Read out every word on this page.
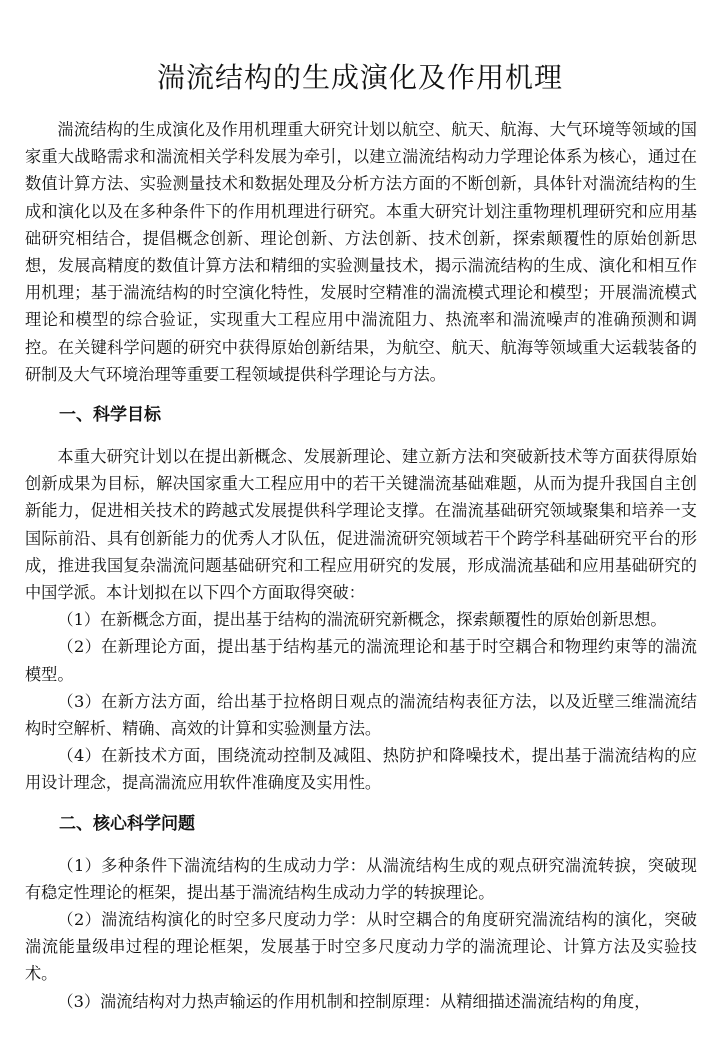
湍流结构的生成演化及作用机理

湍流结构的生成演化及作用机理重大研究计划以航空、航天、航海、大气环境等领域的国家重大战略需求和湍流相关学科发展为牵引，以建立湍流结构动力学理论体系为核心，通过在数值计算方法、实验测量技术和数据处理及分析方法方面的不断创新，具体针对湍流结构的生成和演化以及在多种条件下的作用机理进行研究。本重大研究计划注重物理机理研究和应用基础研究相结合，提倡概念创新、理论创新、方法创新、技术创新，探索颠覆性的原始创新思想，发展高精度的数值计算方法和精细的实验测量技术，揭示湍流结构的生成、演化和相互作用机理；基于湍流结构的时空演化特性，发展时空精准的湍流模式理论和模型；开展湍流模式理论和模型的综合验证，实现重大工程应用中湍流阻力、热流率和湍流噪声的准确预测和调控。在关键科学问题的研究中获得原始创新结果，为航空、航天、航海等领域重大运载装备的研制及大气环境治理等重要工程领域提供科学理论与方法。

一、科学目标

本重大研究计划以在提出新概念、发展新理论、建立新方法和突破新技术等方面获得原始创新成果为目标，解决国家重大工程应用中的若干关键湍流基础难题，从而为提升我国自主创新能力，促进相关技术的跨越式发展提供科学理论支撑。在湍流基础研究领域聚集和培养一支国际前沿、具有创新能力的优秀人才队伍，促进湍流研究领域若干个跨学科基础研究平台的形成，推进我国复杂湍流问题基础研究和工程应用研究的发展，形成湍流基础和应用基础研究的中国学派。本计划拟在以下四个方面取得突破：

（1）在新概念方面，提出基于结构的湍流研究新概念，探索颠覆性的原始创新思想。

（2）在新理论方面，提出基于结构基元的湍流理论和基于时空耦合和物理约束等的湍流模型。

（3）在新方法方面，给出基于拉格朗日观点的湍流结构表征方法，以及近壁三维湍流结构时空解析、精确、高效的计算和实验测量方法。

（4）在新技术方面，围绕流动控制及减阻、热防护和降噪技术，提出基于湍流结构的应用设计理念，提高湍流应用软件准确度及实用性。

二、核心科学问题

（1）多种条件下湍流结构的生成动力学：从湍流结构生成的观点研究湍流转捩，突破现有稳定性理论的框架，提出基于湍流结构生成动力学的转捩理论。

（2）湍流结构演化的时空多尺度动力学：从时空耦合的角度研究湍流结构的演化，突破湍流能量级串过程的理论框架，发展基于时空多尺度动力学的湍流理论、计算方法及实验技术。

（3）湍流结构对力热声输运的作用机制和控制原理：从精细描述湍流结构的角度，
